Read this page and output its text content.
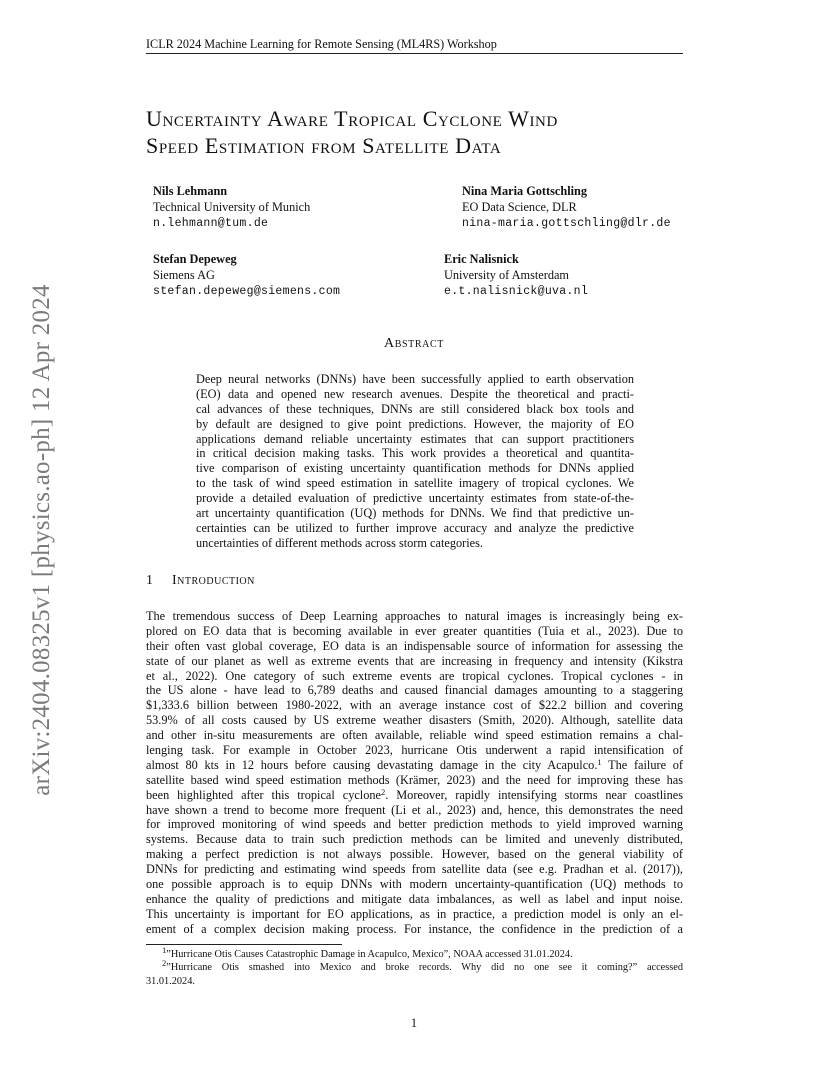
ICLR 2024 Machine Learning for Remote Sensing (ML4RS) Workshop
arXiv:2404.08325v1 [physics.ao-ph] 12 Apr 2024
Uncertainty Aware Tropical Cyclone Wind
Speed Estimation from Satellite Data
Nils Lehmann
Technical University of Munich
n.lehmann@tum.de
Nina Maria Gottschling
EO Data Science, DLR
nina-maria.gottschling@dlr.de
Stefan Depeweg
Siemens AG
stefan.depeweg@siemens.com
Eric Nalisnick
University of Amsterdam
e.t.nalisnick@uva.nl
Abstract
Deep neural networks (DNNs) have been successfully applied to earth observation
(EO) data and opened new research avenues. Despite the theoretical and practi-
cal advances of these techniques, DNNs are still considered black box tools and
by default are designed to give point predictions. However, the majority of EO
applications demand reliable uncertainty estimates that can support practitioners
in critical decision making tasks. This work provides a theoretical and quantita-
tive comparison of existing uncertainty quantification methods for DNNs applied
to the task of wind speed estimation in satellite imagery of tropical cyclones. We
provide a detailed evaluation of predictive uncertainty estimates from state-of-the-
art uncertainty quantification (UQ) methods for DNNs. We find that predictive un-
certainties can be utilized to further improve accuracy and analyze the predictive
uncertainties of different methods across storm categories.
1 Introduction
The tremendous success of Deep Learning approaches to natural images is increasingly being ex-
plored on EO data that is becoming available in ever greater quantities (Tuia et al., 2023). Due to
their often vast global coverage, EO data is an indispensable source of information for assessing the
state of our planet as well as extreme events that are increasing in frequency and intensity (Kikstra
et al., 2022). One category of such extreme events are tropical cyclones. Tropical cyclones - in
the US alone - have lead to 6,789 deaths and caused financial damages amounting to a staggering
$1,333.6 billion between 1980-2022, with an average instance cost of $22.2 billion and covering
53.9% of all costs caused by US extreme weather disasters (Smith, 2020). Although, satellite data
and other in-situ measurements are often available, reliable wind speed estimation remains a chal-
lenging task. For example in October 2023, hurricane Otis underwent a rapid intensification of
almost 80 kts in 12 hours before causing devastating damage in the city Acapulco.$^1$ The failure of
satellite based wind speed estimation methods (Krämer, 2023) and the need for improving these has
been highlighted after this tropical cyclone$^2$. Moreover, rapidly intensifying storms near coastlines
have shown a trend to become more frequent (Li et al., 2023) and, hence, this demonstrates the need
for improved monitoring of wind speeds and better prediction methods to yield improved warning
systems. Because data to train such prediction methods can be limited and unevenly distributed,
making a perfect prediction is not always possible. However, based on the general viability of
DNNs for predicting and estimating wind speeds from satellite data (see e.g. Pradhan et al. (2017)),
one possible approach is to equip DNNs with modern uncertainty-quantification (UQ) methods to
enhance the quality of predictions and mitigate data imbalances, as well as label and input noise.
This uncertainty is important for EO applications, as in practice, a prediction model is only an el-
ement of a complex decision making process. For instance, the confidence in the prediction of a
$^1$”Hurricane Otis Causes Catastrophic Damage in Acapulco, Mexico”, NOAA accessed 31.01.2024.
$^2$”Hurricane Otis smashed into Mexico and broke records. Why did no one see it coming?” accessed
31.01.2024.
1
